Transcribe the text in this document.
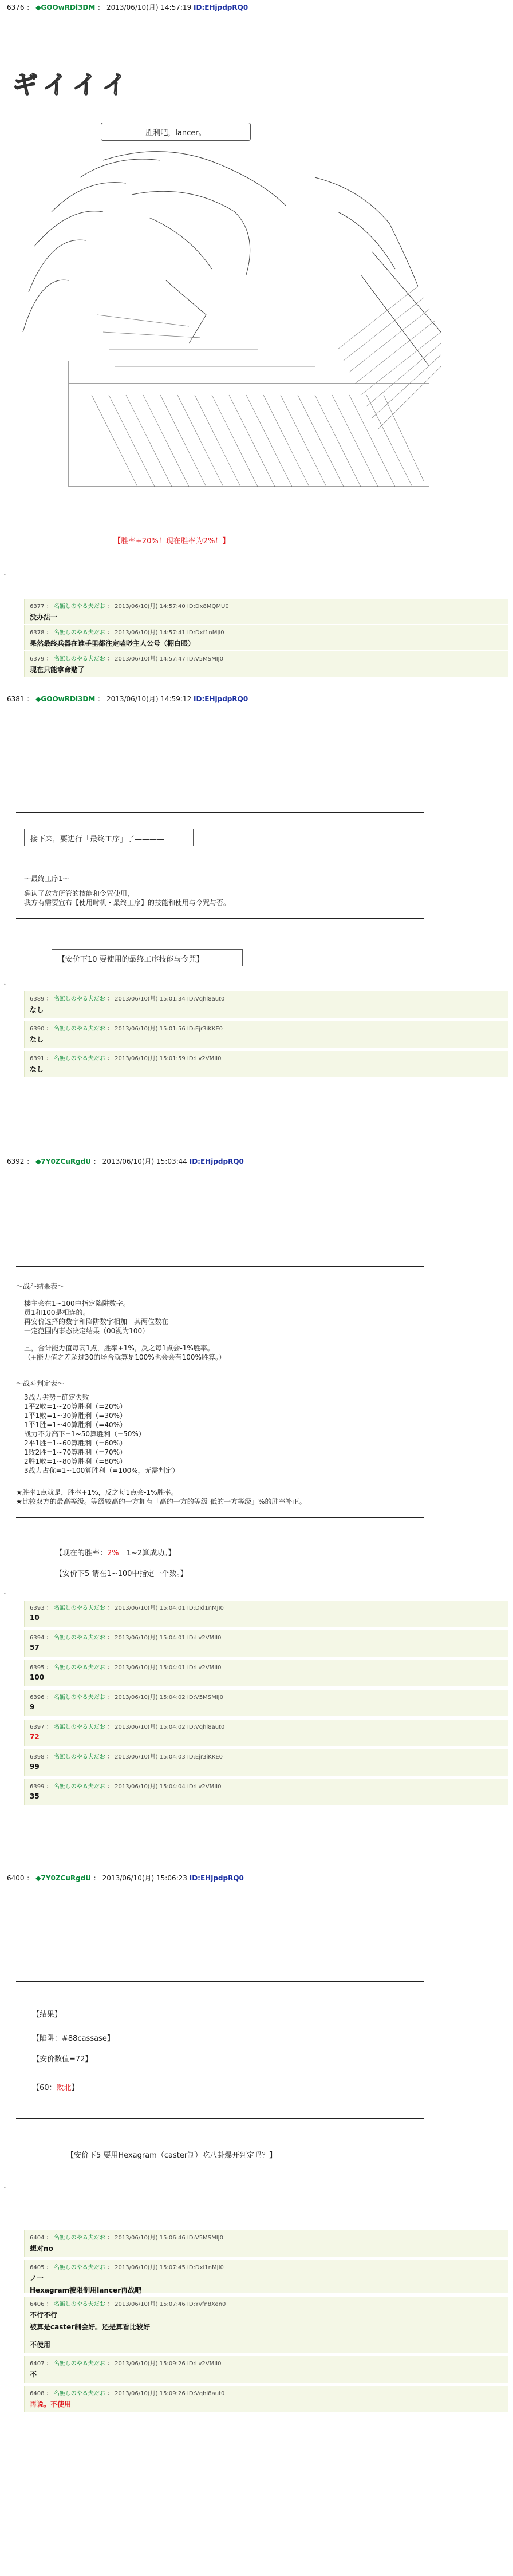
6376 ： ◆GOOwRDl3DM ： 2013/06/10(月) 14:57:19 ID:EHjpdpRQ0
ギイイイ
胜利吧，lancer。
【胜率+20%！现在胜率为2%！】
•
6377 ： 名無しのやる夫だお ： 2013/06/10(月) 14:57:40 ID:Dx8MQMU0
没办法一
6378 ： 名無しのやる夫だお ： 2013/06/10(月) 14:57:41 ID:Dxf1nMJI0
果然最终兵器在谁手里都注定嗑唦主人公号（棚白眼）
6379 ： 名無しのやる夫だお ： 2013/06/10(月) 14:57:47 ID:V5MSMIJ0
现在只能拿命赌了
6381 ： ◆GOOwRDl3DM ： 2013/06/10(月) 14:59:12 ID:EHjpdpRQ0
接下来，要进行「最终工序」了————
～最终工序1～
确认了敌方所管的技能和令咒使用，
我方有需要宣布【使用时机・最终工序】的技能和使用与令咒与否。
【安价下10 要使用的最终工序技能与令咒】
•
6389 ： 名無しのやる夫だお ： 2013/06/10(月) 15:01:34 ID:Vqhl8aut0
なし
6390 ： 名無しのやる夫だお ： 2013/06/10(月) 15:01:56 ID:Ejr3iKKE0
なし
6391 ： 名無しのやる夫だお ： 2013/06/10(月) 15:01:59 ID:Lv2VMII0
なし
6392 ： ◆7Y0ZCuRgdU ： 2013/06/10(月) 15:03:44 ID:EHjpdpRQ0
～战斗结果表～
楼主会在1~100中指定陷阱数字。
员1和100是相连的。
再安价选择的数字和陷阱数字相加　其两位数在
一定范围内事态决定结果（00视为100）
且，合计能力值每高1点，胜率+1%，反之每1点会-1%胜率。
（+能力值之差超过30的场合就算是100%也会会有100%胜算。）
～战斗判定表～
3战力劣势=确定失败
1平2败=1~20算胜利（=20%）
1平1败=1~30算胜利（=30%）
1平1胜=1~40算胜利（=40%）
战力不分高下=1~50算胜利（=50%）
2平1胜=1~60算胜利（=60%）
1败2胜=1~70算胜利（=70%）
2胜1败=1~80算胜利（=80%）
3战力占优=1~100算胜利（=100%，无需判定）
★胜率1点就是，胜率+1%，反之每1点会-1%胜率。
★比较双方的最高等级。等级较高的一方拥有「高的一方的等级-低的一方等级」%的胜率补正。
【现在的胜率：2%　 1~2算成功。】
【安价下5 请在1~100中指定一个数。】
•
6393 ： 名無しのやる夫だお ： 2013/06/10(月) 15:04:01 ID:Dxl1nMJI0
10
6394 ： 名無しのやる夫だお ： 2013/06/10(月) 15:04:01 ID:Lv2VMII0
57
6395 ： 名無しのやる夫だお ： 2013/06/10(月) 15:04:01 ID:Lv2VMII0
100
6396 ： 名無しのやる夫だお ： 2013/06/10(月) 15:04:02 ID:V5MSMIJ0
9
6397 ： 名無しのやる夫だお ： 2013/06/10(月) 15:04:02 ID:Vqhl8aut0
72
6398 ： 名無しのやる夫だお ： 2013/06/10(月) 15:04:03 ID:Ejr3iKKE0
99
6399 ： 名無しのやる夫だお ： 2013/06/10(月) 15:04:04 ID:Lv2VMII0
35
6400 ： ◆7Y0ZCuRgdU ： 2013/06/10(月) 15:06:23 ID:EHjpdpRQ0
【结果】
【陷阱：#88cassase】
【安价数值=72】
【60：败北】
【安价下5 要用Hexagram（caster制）吃八卦爆开判定吗？】
•
6404 ： 名無しのやる夫だお ： 2013/06/10(月) 15:06:46 ID:V5MSMIJ0
想对no
6405 ： 名無しのやる夫だお ： 2013/06/10(月) 15:07:45 ID:Dxl1nMJI0
ノ一
Hexagram被限制用lancer再战吧
6406 ： 名無しのやる夫だお ： 2013/06/10(月) 15:07:46 ID:Yvfn8Xen0
不行不行
被算是caster制会好。还是算看比较好
不使用
6407 ： 名無しのやる夫だお ： 2013/06/10(月) 15:09:26 ID:Lv2VMII0
不
6408 ： 名無しのやる夫だお ： 2013/06/10(月) 15:09:26 ID:Vqhl8aut0
再说。不使用
